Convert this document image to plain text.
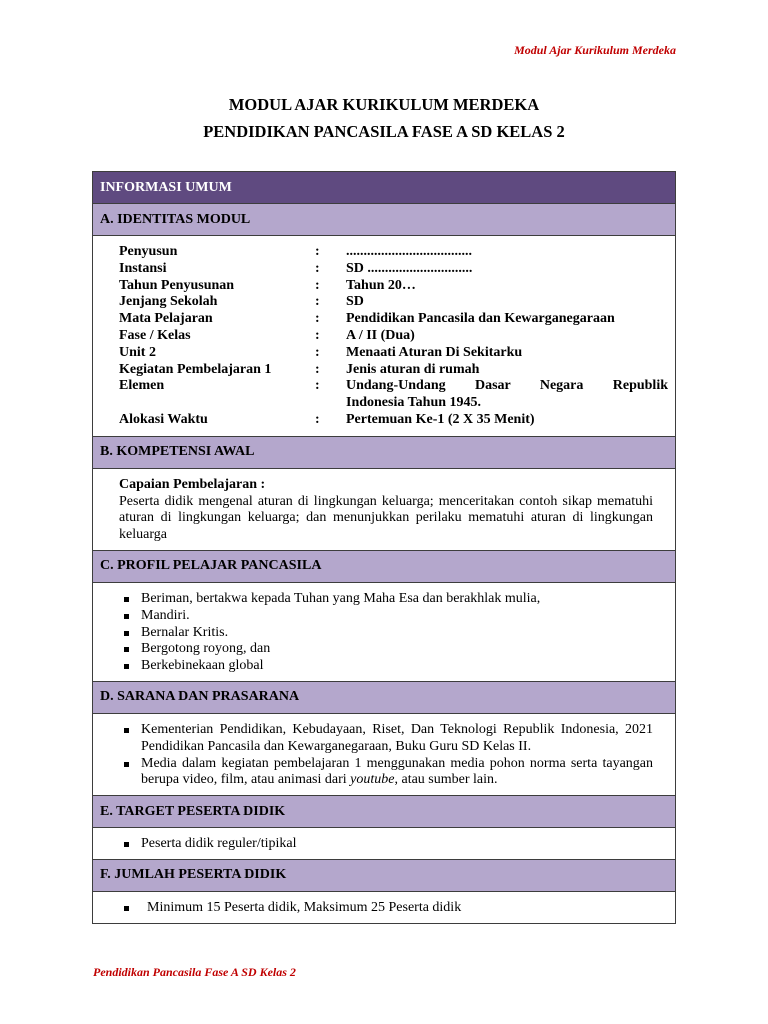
Modul Ajar Kurikulum Merdeka
MODUL AJAR KURIKULUM MERDEKA
PENDIDIKAN PANCASILA FASE A SD KELAS 2
INFORMASI UMUM
A. IDENTITAS MODUL
Penyusun	:	....................................
Instansi	:	SD ..............................
Tahun Penyusunan	:	Tahun 20…
Jenjang Sekolah	:	SD
Mata Pelajaran	:	Pendidikan Pancasila dan Kewarganegaraan
Fase / Kelas	:	A / II (Dua)
Unit 2	:	Menaati Aturan Di Sekitarku
Kegiatan Pembelajaran 1	:	Jenis aturan di rumah
Elemen	:	Undang-Undang Dasar Negara Republik
Indonesia Tahun 1945.
Alokasi Waktu	:	Pertemuan Ke-1 (2 X 35 Menit)
B. KOMPETENSI AWAL
Capaian Pembelajaran :
Peserta didik mengenal aturan di lingkungan keluarga; menceritakan contoh sikap mematuhi aturan di lingkungan keluarga; dan menunjukkan perilaku mematuhi aturan di lingkungan keluarga
C. PROFIL PELAJAR PANCASILA
Beriman, bertakwa kepada Tuhan yang Maha Esa dan berakhlak mulia,
Mandiri.
Bernalar Kritis.
Bergotong royong, dan
Berkebinekaan global
D. SARANA DAN PRASARANA
Kementerian Pendidikan, Kebudayaan, Riset, Dan Teknologi Republik Indonesia, 2021 Pendidikan Pancasila dan Kewarganegaraan, Buku Guru SD Kelas II.
Media dalam kegiatan pembelajaran 1 menggunakan media pohon norma serta tayangan berupa video, film, atau animasi dari youtube, atau sumber lain.
E. TARGET PESERTA DIDIK
Peserta didik reguler/tipikal
F. JUMLAH PESERTA DIDIK
Minimum 15 Peserta didik, Maksimum 25 Peserta didik
Pendidikan Pancasila Fase A SD Kelas 2
